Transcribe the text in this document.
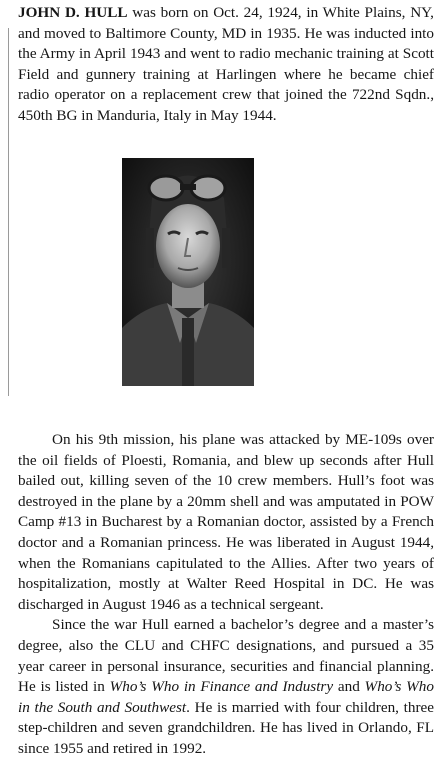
JOHN D. HULL was born on Oct. 24, 1924, in White Plains, NY, and moved to Baltimore County, MD in 1935. He was inducted into the Army in April 1943 and went to radio mechanic training at Scott Field and gunnery training at Harlingen where he became chief radio operator on a replacement crew that joined the 722nd Sqdn., 450th BG in Manduria, Italy in May 1944.

On his 9th mission, his plane was attacked by ME-109s over the oil fields of Ploesti, Romania, and blew up seconds after Hull bailed out, killing seven of the 10 crew members. Hull’s foot was destroyed in the plane by a 20mm shell and was amputated in POW Camp #13 in Bucharest by a Romanian doctor, assisted by a French doctor and a Romanian princess. He was liberated in August 1944, when the Romanians capitulated to the Allies. After two years of hospitalization, mostly at Walter Reed Hospital in DC. He was discharged in August 1946 as a technical sergeant.

Since the war Hull earned a bachelor’s degree and a master’s degree, also the CLU and CHFC designations, and pursued a 35 year career in personal insurance, securities and financial planning. He is listed in Who’s Who in Finance and Industry and Who’s Who in the South and Southwest. He is married with four children, three step-children and seven grandchildren. He has lived in Orlando, FL since 1955 and retired in 1992.
